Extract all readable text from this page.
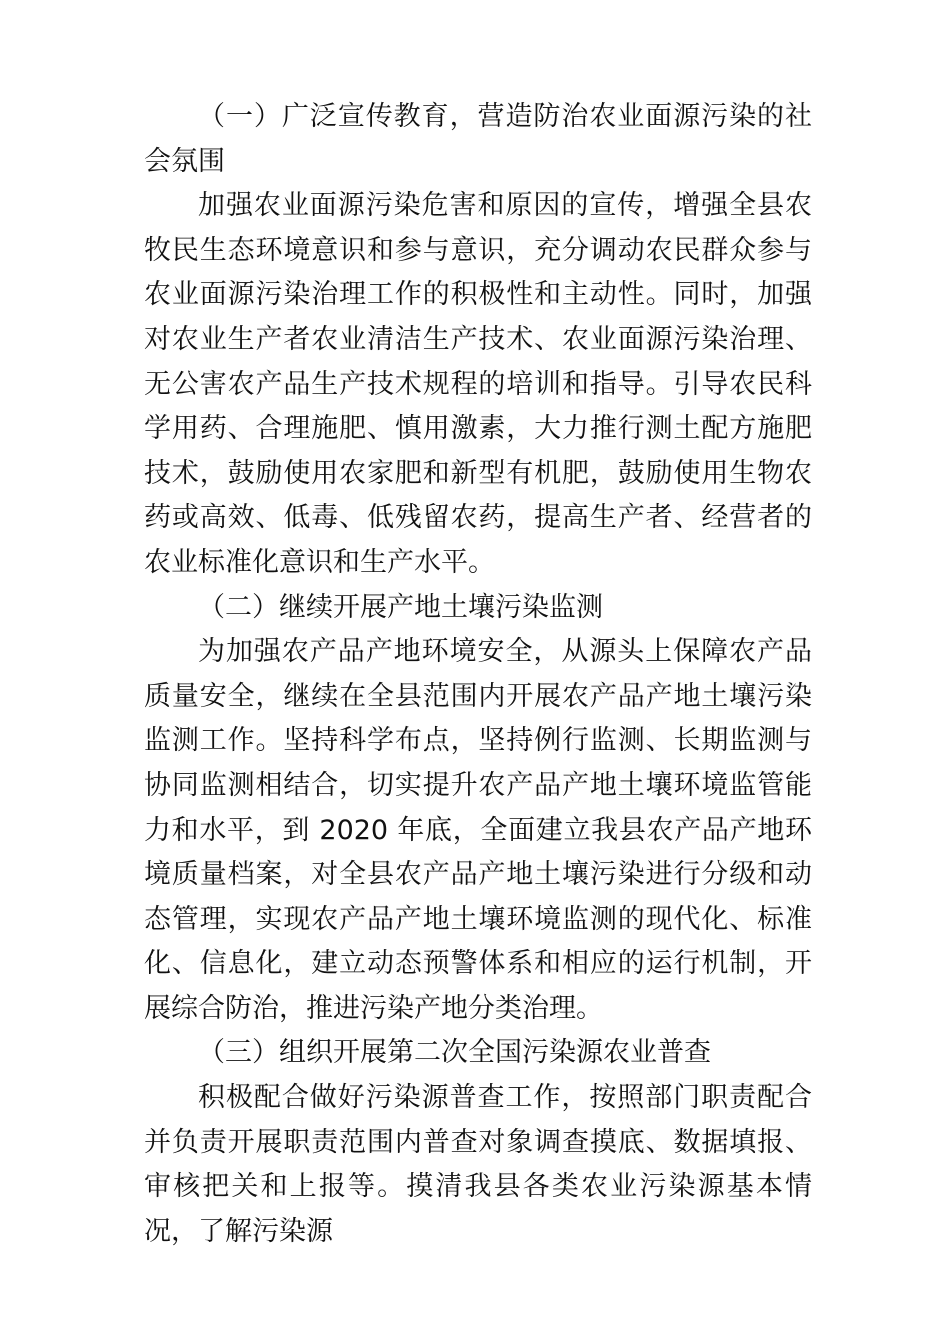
（一）广泛宣传教育，营造防治农业面源污染的社会氛围

加强农业面源污染危害和原因的宣传，增强全县农牧民生态环境意识和参与意识，充分调动农民群众参与农业面源污染治理工作的积极性和主动性。同时，加强对农业生产者农业清洁生产技术、农业面源污染治理、无公害农产品生产技术规程的培训和指导。引导农民科学用药、合理施肥、慎用激素，大力推行测土配方施肥技术，鼓励使用农家肥和新型有机肥，鼓励使用生物农药或高效、低毒、低残留农药，提高生产者、经营者的农业标准化意识和生产水平。

（二）继续开展产地土壤污染监测

为加强农产品产地环境安全，从源头上保障农产品质量安全，继续在全县范围内开展农产品产地土壤污染监测工作。坚持科学布点，坚持例行监测、长期监测与协同监测相结合，切实提升农产品产地土壤环境监管能力和水平，到 2020 年底，全面建立我县农产品产地环境质量档案，对全县农产品产地土壤污染进行分级和动态管理，实现农产品产地土壤环境监测的现代化、标准化、信息化，建立动态预警体系和相应的运行机制，开展综合防治，推进污染产地分类治理。

（三）组织开展第二次全国污染源农业普查

积极配合做好污染源普查工作，按照部门职责配合并负责开展职责范围内普查对象调查摸底、数据填报、审核把关和上报等。摸清我县各类农业污染源基本情况，了解污染源
